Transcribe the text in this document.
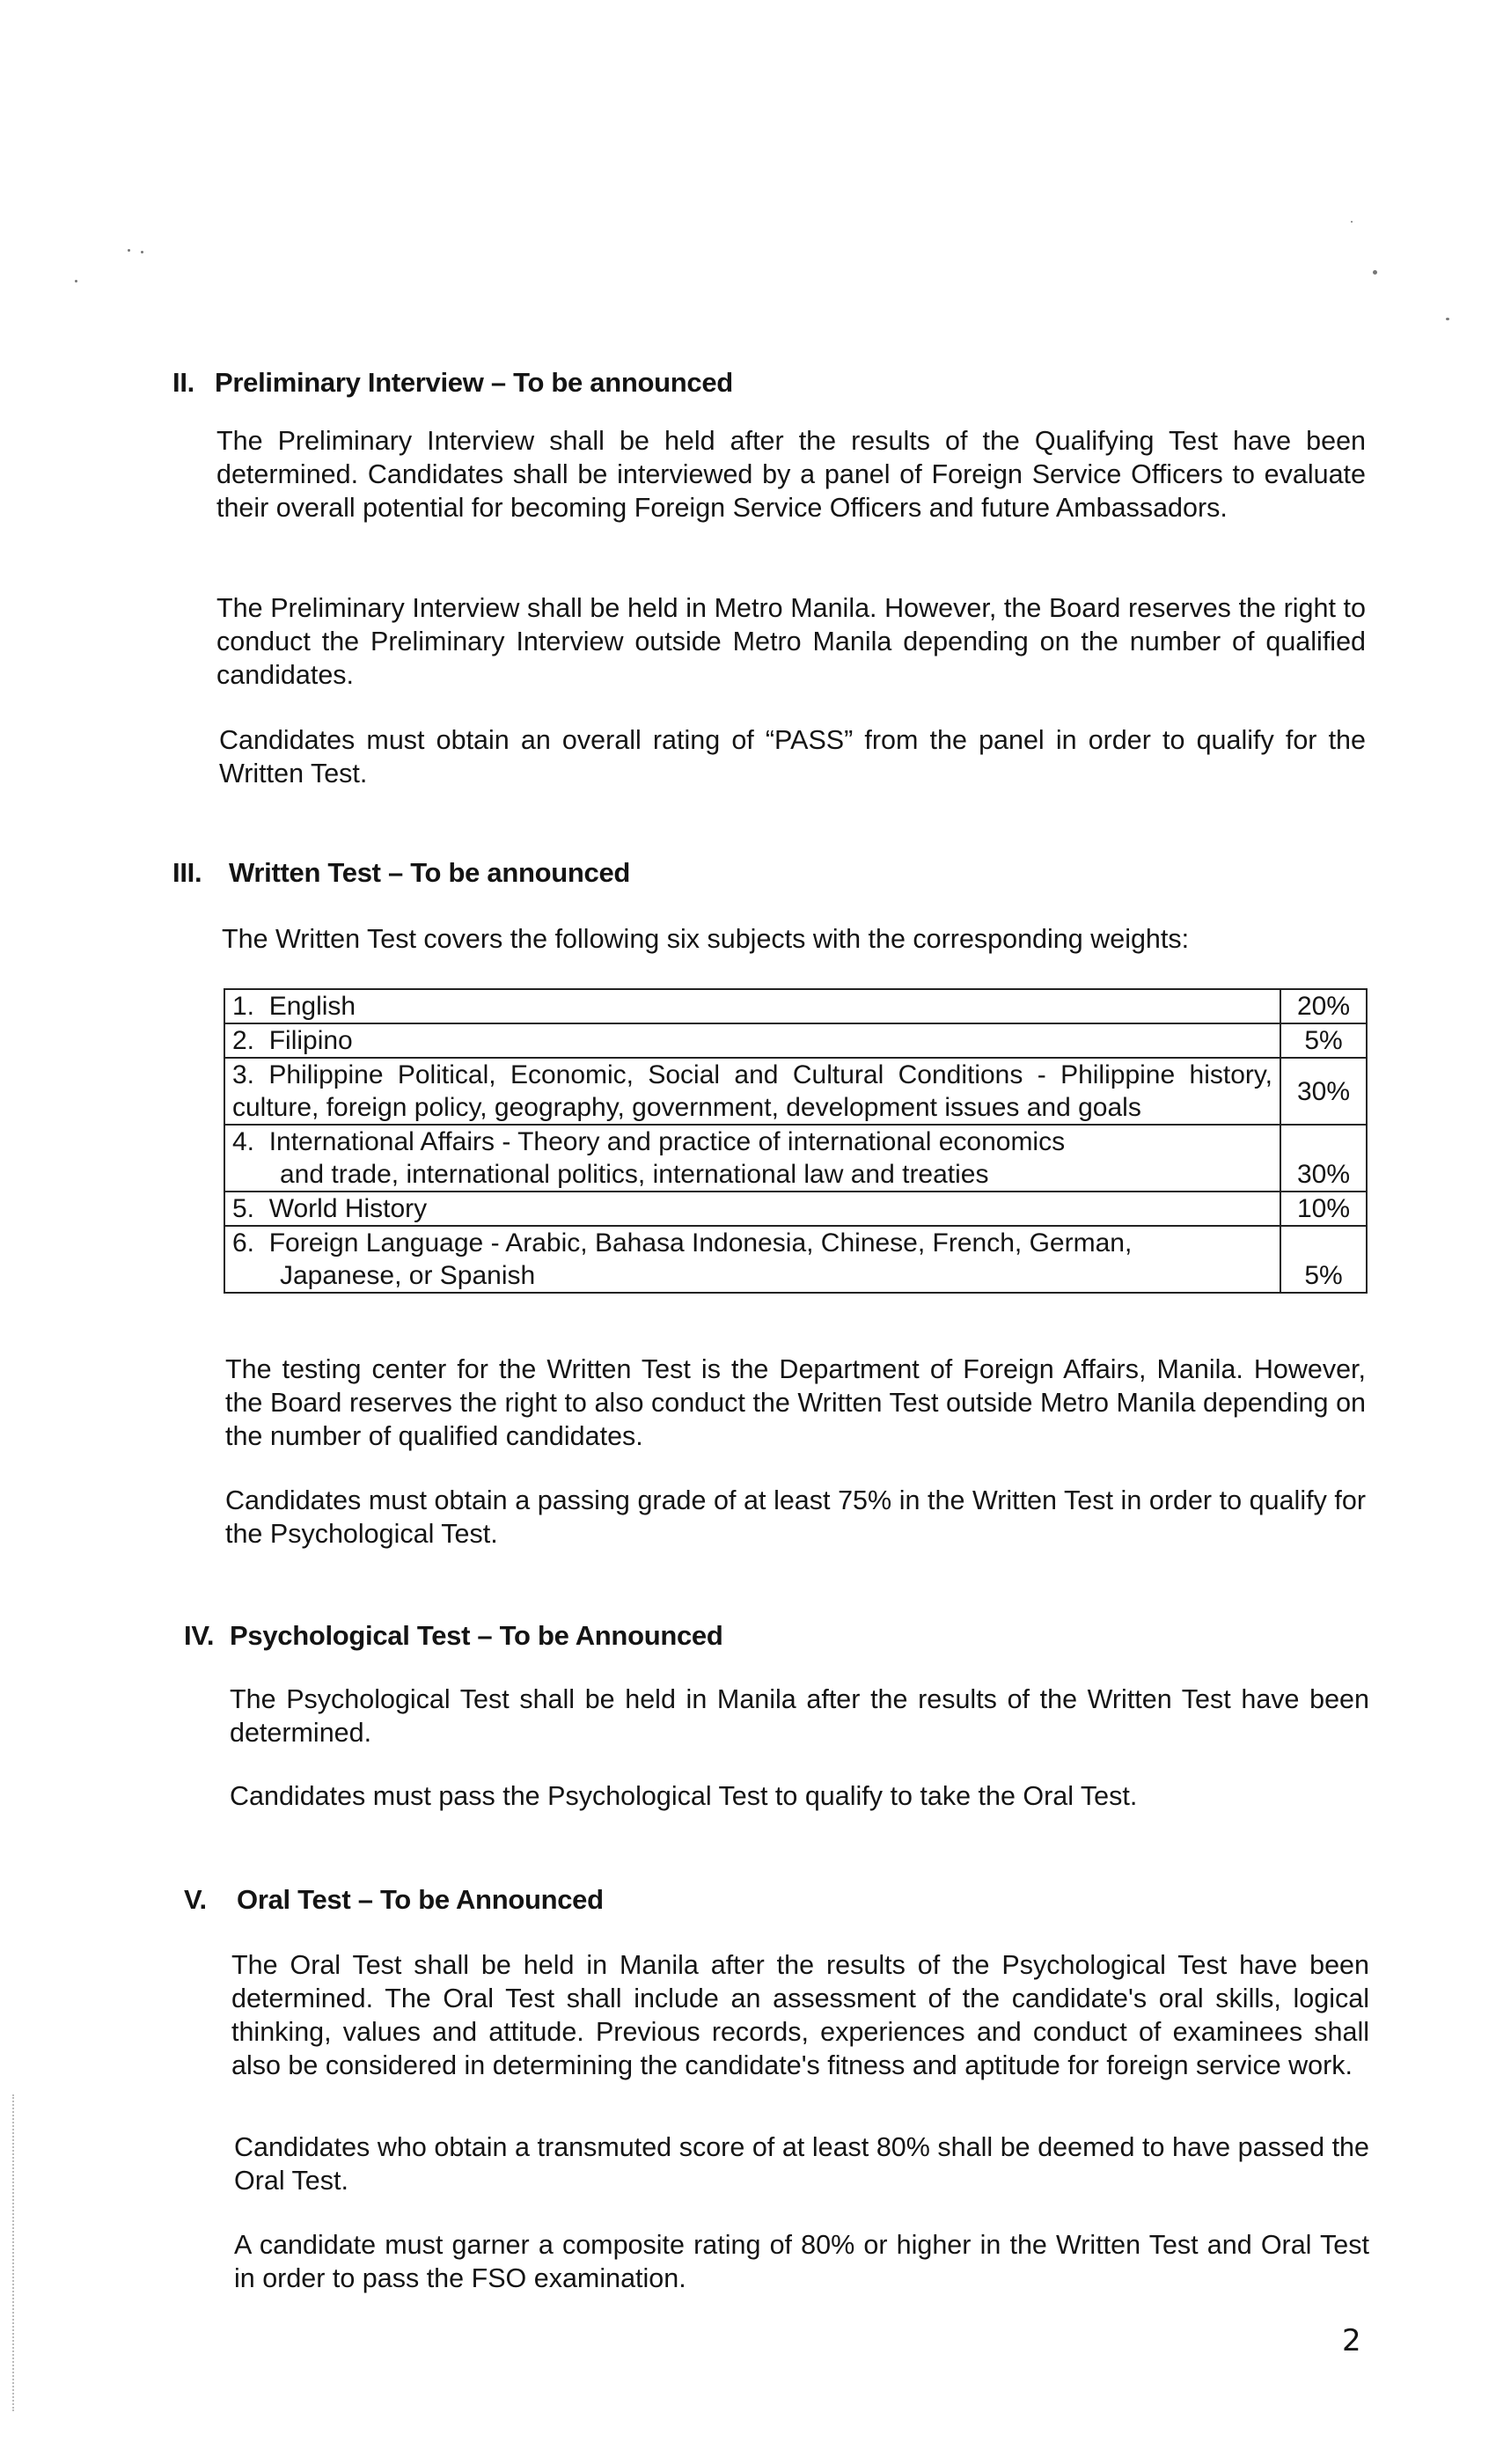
II. Preliminary Interview – To be announced
The Preliminary Interview shall be held after the results of the Qualifying Test have been determined. Candidates shall be interviewed by a panel of Foreign Service Officers to evaluate their overall potential for becoming Foreign Service Officers and future Ambassadors.
The Preliminary Interview shall be held in Metro Manila. However, the Board reserves the right to conduct the Preliminary Interview outside Metro Manila depending on the number of qualified candidates.
Candidates must obtain an overall rating of “PASS” from the panel in order to qualify for the Written Test.
III. Written Test – To be announced
The Written Test covers the following six subjects with the corresponding weights:
1. English	20%
2. Filipino	5%
3. Philippine Political, Economic, Social and Cultural Conditions - Philippine history, culture, foreign policy, geography, government, development issues and goals	30%

4. International Affairs - Theory and practice of international economics
and trade, international politics, international law and treaties	30%
5. World History	10%

6. Foreign Language - Arabic, Bahasa Indonesia, Chinese, French, German,
Japanese, or Spanish	5%
The testing center for the Written Test is the Department of Foreign Affairs, Manila. However, the Board reserves the right to also conduct the Written Test outside Metro Manila depending on the number of qualified candidates.
Candidates must obtain a passing grade of at least 75% in the Written Test in order to qualify for the Psychological Test.
IV. Psychological Test – To be Announced
The Psychological Test shall be held in Manila after the results of the Written Test have been determined.
Candidates must pass the Psychological Test to qualify to take the Oral Test.
V. Oral Test – To be Announced
The Oral Test shall be held in Manila after the results of the Psychological Test have been determined. The Oral Test shall include an assessment of the candidate's oral skills, logical thinking, values and attitude. Previous records, experiences and conduct of examinees shall also be considered in determining the candidate's fitness and aptitude for foreign service work.
Candidates who obtain a transmuted score of at least 80% shall be deemed to have passed the Oral Test.
A candidate must garner a composite rating of 80% or higher in the Written Test and Oral Test in order to pass the FSO examination.
2
